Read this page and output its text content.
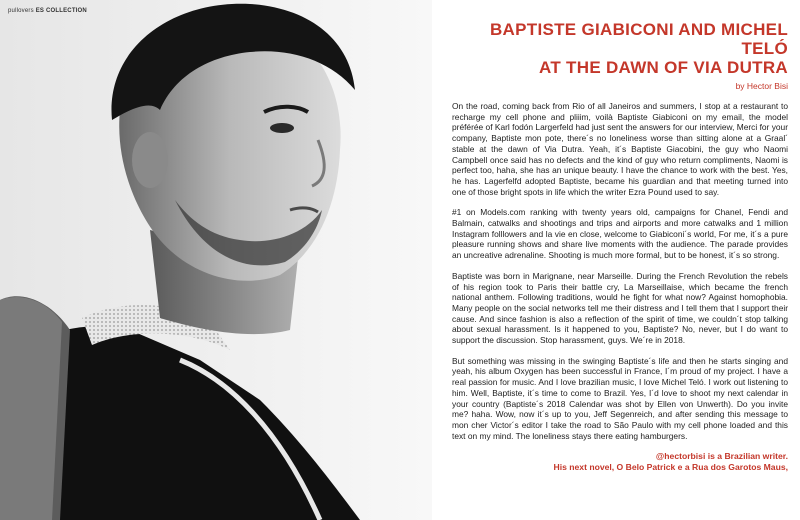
pullovers ES COLLECTION
BAPTISTE GIABICONI AND MICHEL TELÓ
AT THE DAWN OF VIA DUTRA

by Hector Bisi

On the road, coming back from Rio of all Janeiros and summers, I stop at a restaurant to recharge my cell phone and pliiim, voilà Baptiste Giabiconi on my email, the model préférée of Karl fodón Largerfeld had just sent the answers for our interview, Merci for your company, Baptiste mon pote, there´s no loneliness worse than sitting alone at a Graal´ stable at the dawn of Via Dutra. Yeah, it´s Baptiste Giacobini, the guy who Naomi Campbell once said has no defects and the kind of guy who return compliments, Naomi is perfect too, haha, she has an unique beauty. I have the chance to work with the best. Yes, he has. Lagerfelfd adopted Baptiste, became his guardian and that meeting turned into one of those bright spots in life which the writer Ezra Pound used to say.

#1 on Models.com ranking with twenty years old, campaigns for Chanel, Fendi and Balmain, catwalks and shootings and trips and airports and more catwalks and 1 million Instagram folllowers and la vie en close, welcome to Giabiconi´s world, For me, it´s a pure pleasure running shows and share live moments with the audience. The parade provides an uncreative adrenaline. Shooting is much more formal, but to be honest, it´s so strong.

Baptiste was born in Marignane, near Marseille. During the French Revolution the rebels of his region took to Paris their battle cry, La Marseillaise, which became the french national anthem. Following traditions, would he fight for what now? Against homophobia. Many people on the social networks tell me their distress and I tell them that I support their cause. And since fashion is also a reflection of the spirit of time, we couldn´t stop talking about sexual harassment. Is it happened to you, Baptiste? No, never, but I do want to support the discussion. Stop harassment, guys. We´re in 2018.

But something was missing in the swinging Baptiste´s life and then he starts singing and yeah, his album Oxygen has been successful in France, I´m proud of my project. I have a real passion for music. And I love brazilian music, I love Michel Teló. I work out listening to him. Well, Baptiste, it´s time to come to Brazil. Yes, I´d love to shoot my next calendar in your country (Baptiste´s 2018 Calendar was shot by Ellen von Unwerth). Do you invite me? haha. Wow, now it´s up to you, Jeff Segenreich, and after sending this message to mon cher Victor´s editor I take the road to São Paulo with my cell phone loaded and this text on my mind. The loneliness stays there eating hamburgers.

@hectorbisi is a Brazilian writer.

His next novel, O Belo Patrick e a Rua dos Garotos Maus,
